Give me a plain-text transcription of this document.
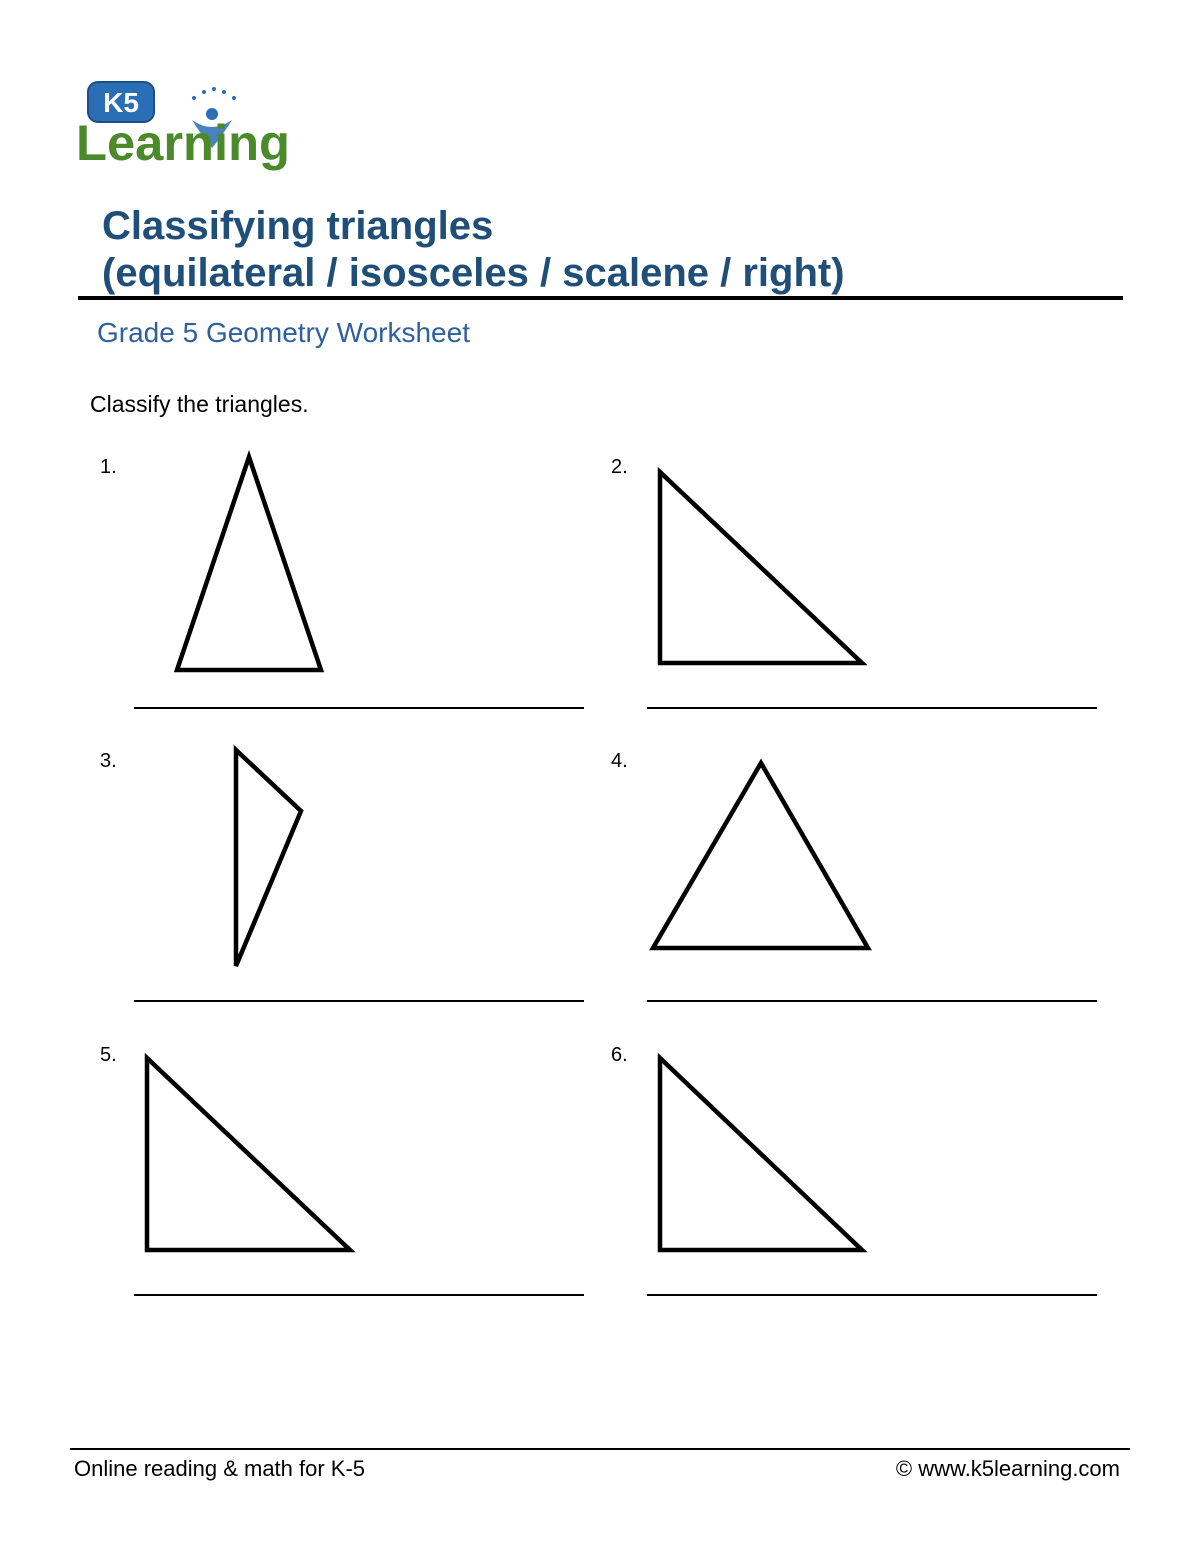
K5
Learning
Classifying triangles
(equilateral / isosceles / scalene / right)
Grade 5 Geometry Worksheet
Classify the triangles.
1.	2.
3.	4.
5.	6.
Online reading & math for K-5	© www.k5learning.com
